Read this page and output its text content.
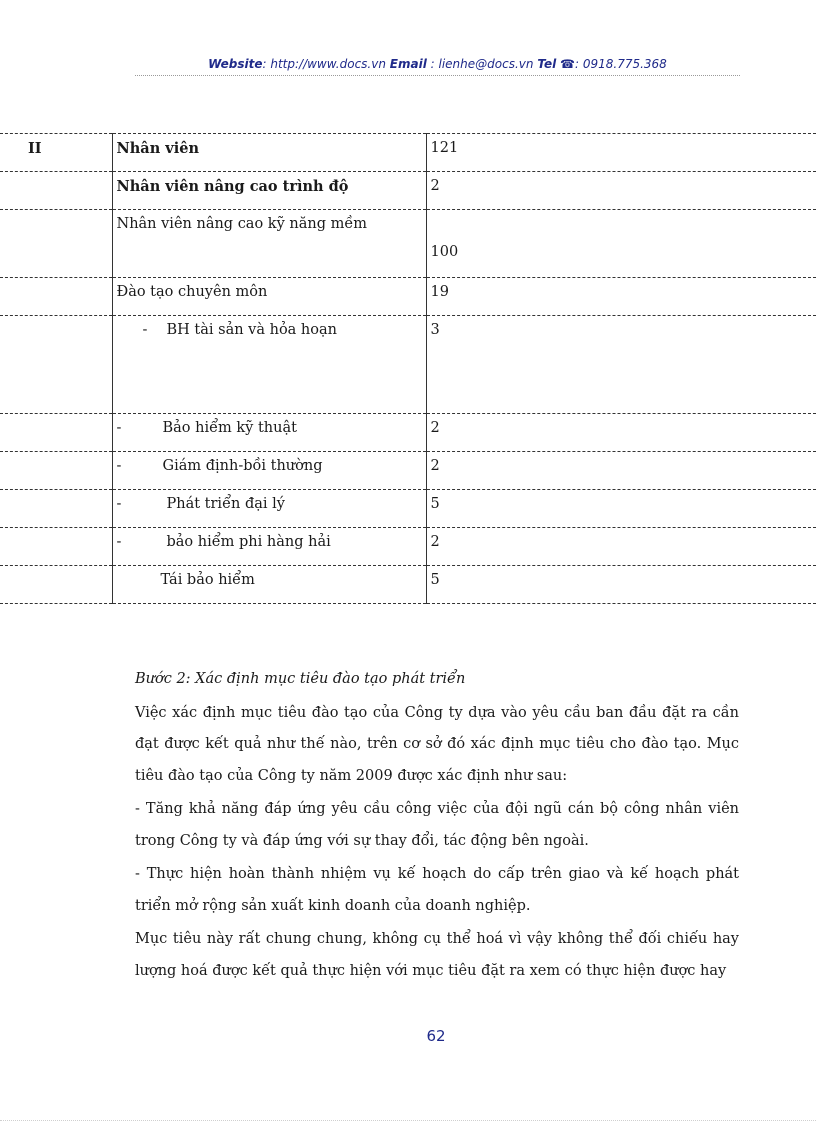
Website: http://www.docs.vn Email : lienhe@docs.vn Tel ☎: 0918.775.368
II	Nhân viên	121
	Nhân viên nâng cao trình độ	2
	Nhân viên nâng cao kỹ năng mềm	100
	Đào tạo chuyên môn	19
	- BH tài sản và hỏa hoạn	3

	- Bảo hiểm kỹ thuật	2

	- Giám định-bồi thường	2

	- Phát triển đại lý	5

	- bảo hiểm phi hàng hải	2
	Tái bảo hiểm	5

Bước 2: Xác định mục tiêu đào tạo phát triển

Việc xác định mục tiêu đào tạo của Công ty dựa vào yêu cầu ban đầu đặt ra cần đạt được kết quả như thế nào, trên cơ sở đó xác định mục tiêu cho đào tạo. Mục tiêu đào tạo của Công ty năm 2009 được xác định như sau:

- Tăng khả năng đáp ứng yêu cầu công việc của đội ngũ cán bộ công nhân viên trong Công ty và đáp ứng với sự thay đổi, tác động bên ngoài.

- Thực hiện hoàn thành nhiệm vụ kế hoạch do cấp trên giao và kế hoạch phát triển mở rộng sản xuất kinh doanh của doanh nghiệp.

Mục tiêu này rất chung chung, không cụ thể hoá vì vậy không thể đối chiếu hay lượng hoá được kết quả thực hiện với mục tiêu đặt ra xem có thực hiện được hay

62
